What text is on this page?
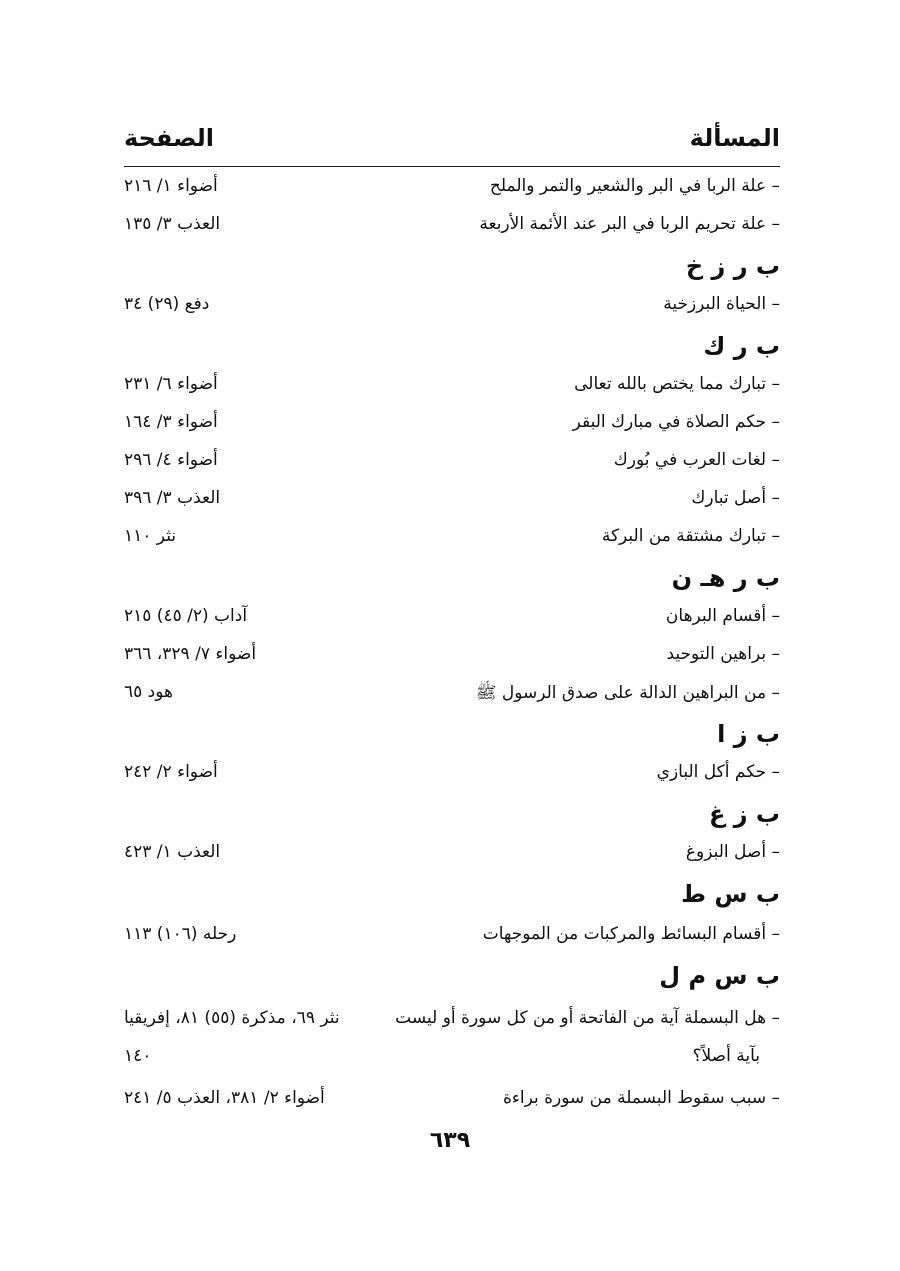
المسألة
الصفحة
– علة الربا في البر والشعير والتمر والملح
أضواء ١/ ٢١٦
– علة تحريم الربا في البر عند الأئمة الأربعة
العذب ٣/ ١٣٥
ب ر ز خ
– الحياة البرزخية
دفع (٢٩) ٣٤
ب ر ك
– تبارك مما يختص بالله تعالى
أضواء ٦/ ٢٣١
– حكم الصلاة في مبارك البقر
أضواء ٣/ ١٦٤
– لغات العرب في بُورك
أضواء ٤/ ٢٩٦
– أصل تبارك
العذب ٣/ ٣٩٦
– تبارك مشتقة من البركة
نثر ١١٠
ب ر هـ ن
– أقسام البرهان
آداب (٢/ ٤٥) ٢١٥
– براهين التوحيد
أضواء ٧/ ٣٢٩، ٣٦٦
– من البراهين الدالة على صدق الرسول ﷺ
هود ٦٥
ب ز ا
– حكم أكل البازي
أضواء ٢/ ٢٤٢
ب ز غ
– أصل البزوغ
العذب ١/ ٤٢٣
ب س ط
– أقسام البسائط والمركبات من الموجهات
رحله (١٠٦) ١١٣
ب س م ل
– هل البسملة آية من الفاتحة أو من كل سورة أو ليست
نثر ٦٩، مذكرة (٥٥) ٨١، إفريقيا
بآية أصلاً؟
١٤٠
– سبب سقوط البسملة من سورة براءة
أضواء ٢/ ٣٨١، العذب ٥/ ٢٤١
٦٣٩
